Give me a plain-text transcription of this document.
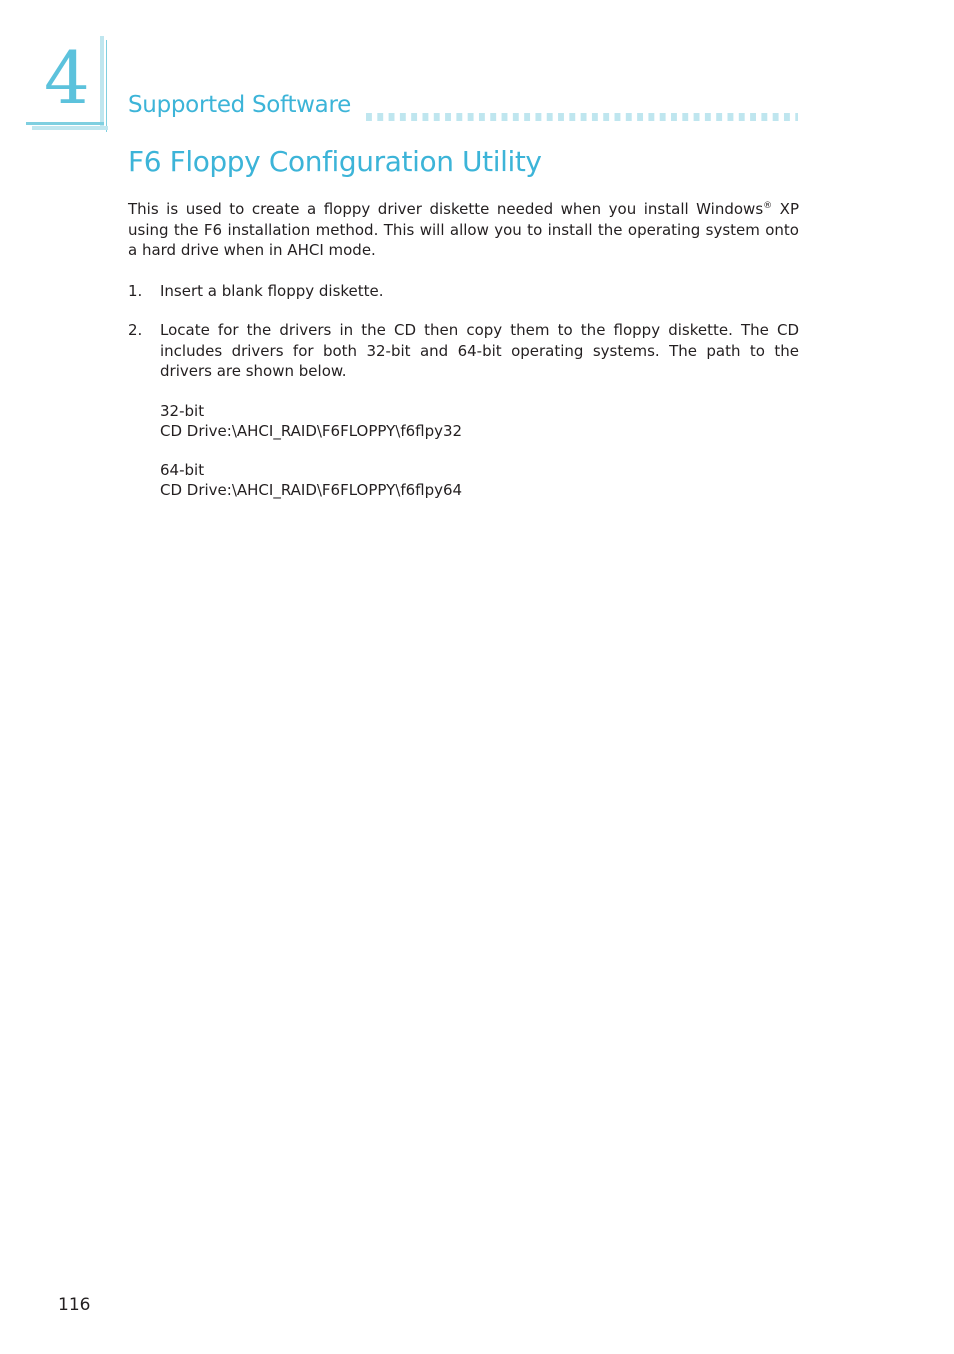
4 Supported Software
F6 Floppy Configuration Utility

This is used to create a floppy driver diskette needed when you install Windows® XP using the F6 installation method. This will allow you to install the operating system onto a hard drive when in AHCI mode.

1. Insert a blank floppy diskette.
2. Locate for the drivers in the CD then copy them to the floppy diskette. The CD includes drivers for both 32-bit and 64-bit operating systems. The path to the drivers are shown below.
32-bit
CD Drive:\AHCI_RAID\F6FLOPPY\f6flpy32
64-bit
CD Drive:\AHCI_RAID\F6FLOPPY\f6flpy64
116
